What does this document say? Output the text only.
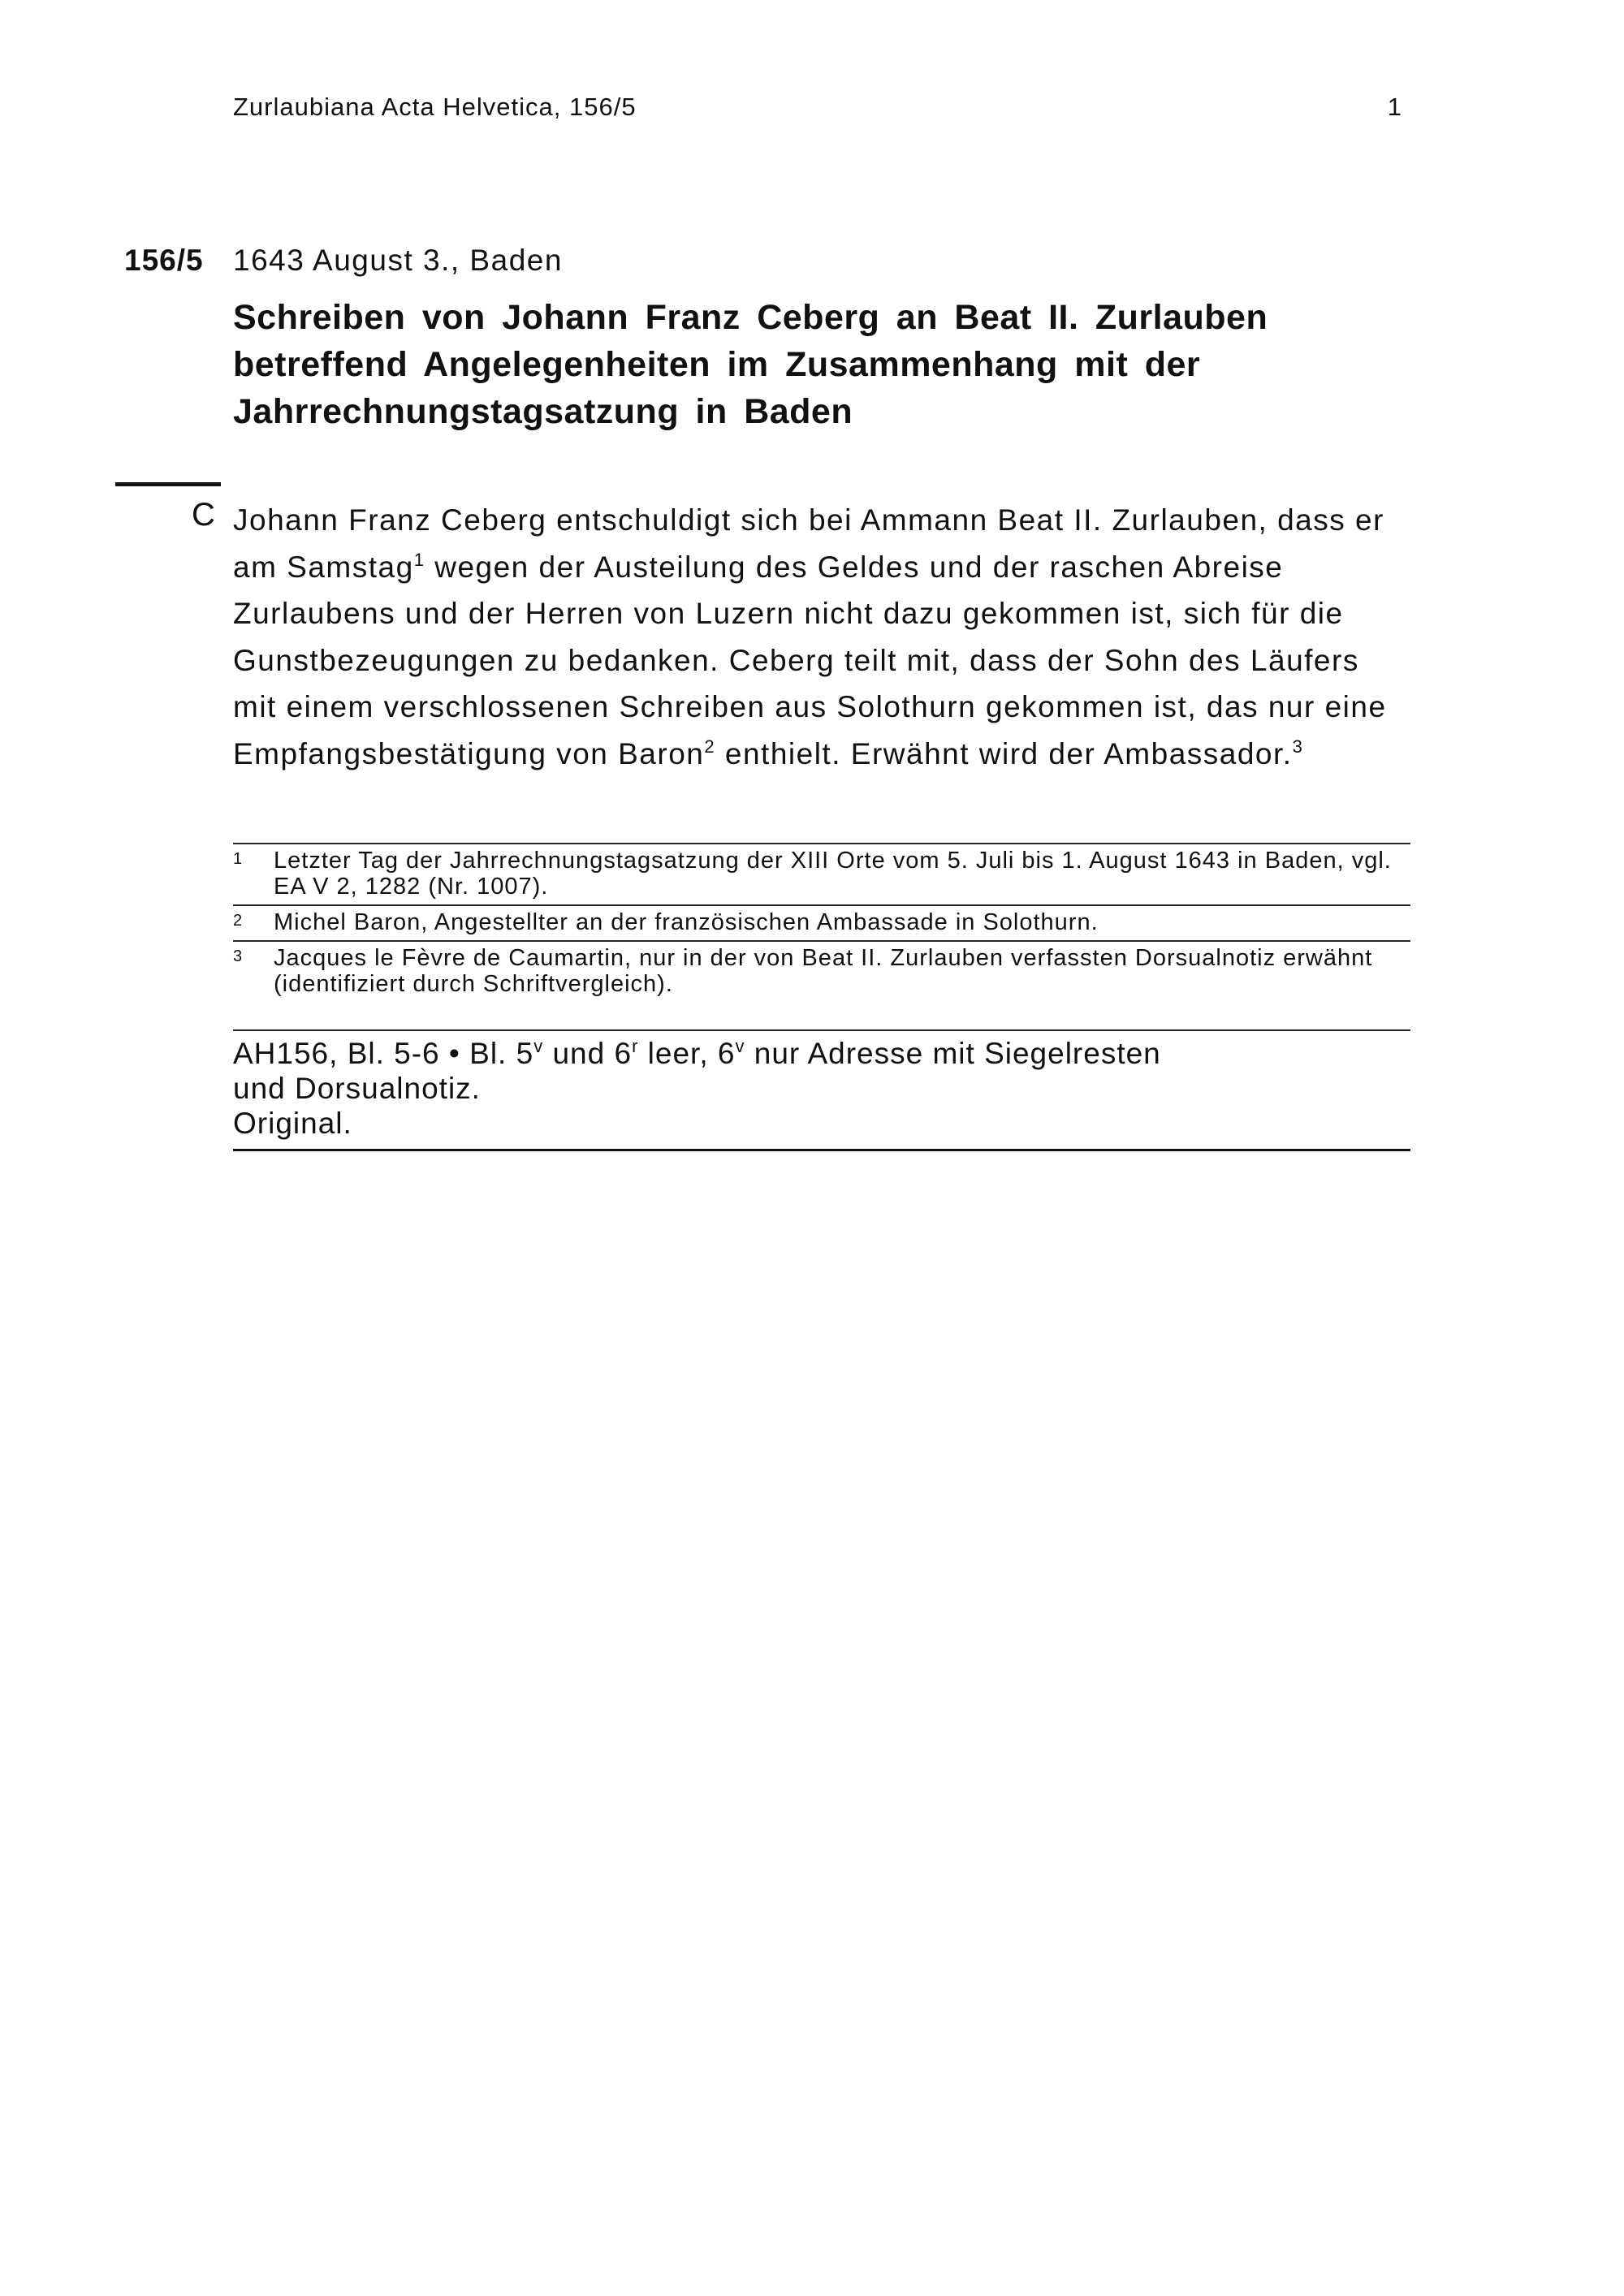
Zurlaubiana Acta Helvetica, 156/5	1
156/5 1643 August 3., Baden
Schreiben von Johann Franz Ceberg an Beat II. Zurlauben betreffend Angelegenheiten im Zusammenhang mit der Jahrrechnungstagsatzung in Baden
C Johann Franz Ceberg entschuldigt sich bei Ammann Beat II. Zurlauben, dass er am Samstag$^1$ wegen der Austeilung des Geldes und der raschen Abreise Zurlaubens und der Herren von Luzern nicht dazu gekommen ist, sich für die Gunstbezeugungen zu bedanken. Ceberg teilt mit, dass der Sohn des Läufers mit einem verschlossenen Schreiben aus Solothurn gekommen ist, das nur eine Empfangsbestätigung von Baron$^2$ enthielt. Erwähnt wird der Ambassador.$^3$
1 Letzter Tag der Jahrrechnungstagsatzung der XIII Orte vom 5. Juli bis 1. August 1643 in Baden, vgl. EA V 2, 1282 (Nr. 1007).
2 Michel Baron, Angestellter an der französischen Ambassade in Solothurn.
3 Jacques le Fèvre de Caumartin, nur in der von Beat II. Zurlauben verfassten Dorsualnotiz erwähnt (identifiziert durch Schriftvergleich).
AH156, Bl. 5-6 • Bl. 5$^v$ und 6$^r$ leer, 6$^v$ nur Adresse mit Siegelresten
und Dorsualnotiz.
Original.
